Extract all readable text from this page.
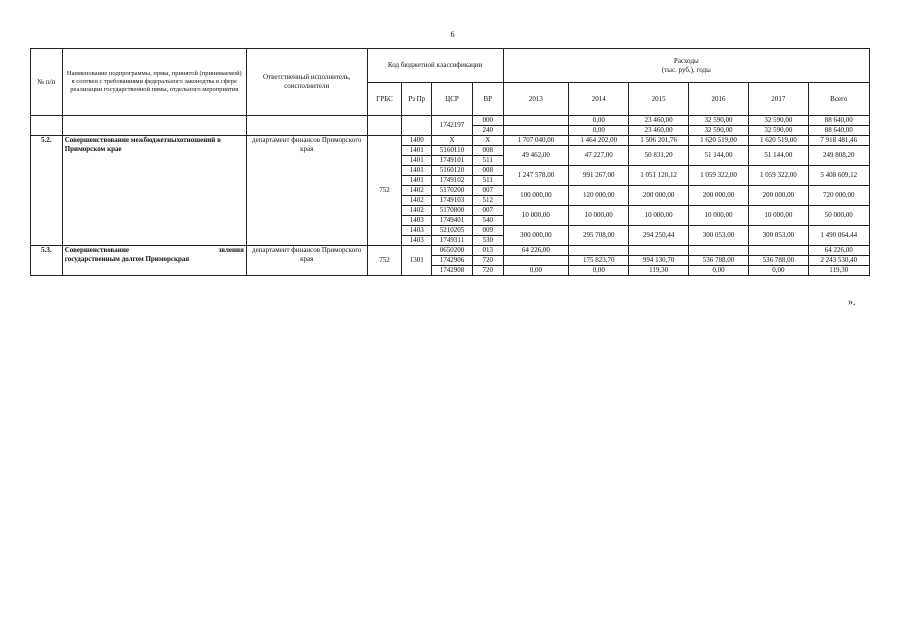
6
№ п/п	Наименование подпрограммы, прмы, принятой (принимаемой) в соотвен с требованиями федерального законодтва в сфере реализации государственной пвмы, отдельного мероприятия	Ответственный исполнитель, соисполнители	Код бюджетной классификации				Расходы
(тыс. руб.), годы					
			ГРБС	Рз Пр	ЦСР	ВР	2013	2014	2015	2016	2017	Всего
					1742197	000		0,00	23 460,00	32 590,00	32 590,00	88 640,00
						240		0,00	23 460,00	32 590,00	32 590,00	88 640,00
5.2.	Совершенствование межбюджетныхотношений в Приморском крае	департамент финансов Приморского края	752	1400	X	X	1 707 040,00	1 464 202,00	1 506 201,76	1 620 519,00	1 620 519,00	7 918 481,46
				1401	5160110	008	49 462,00	47 227,00	50 831,20	51 144,00	51 144,00	249 808,20
				1401	1749101	511						
				1401	5160120	008	1 247 578,00	991 267,00	1 051 120,12	1 059 322,00	1 059 322,00	5 408 609,12
				1401	1749102	511						
				1402	5170200	007	100 000,00	120 000,00	200 000,00	200 000,00	200 000,00	720 000,00
				1402	1749103	512						
				1402	5170800	007	10 000,00	10 000,00	10 000,00	10 000,00	10 000,00	50 000,00
				1403	1749401	540						
				1403	5210205	009	300 000,00	295 708,00	294 250,44	300 053,00	300 053,00	1 490 064,44
				1403	1749311	530						
5.3.	Совершенствование звления
государственным долгом Приморскрая	департамент финансов Приморского края	752	1301	0650200	013	64 226,00					64 226,00
					1742906	720		175 823,70	994 130,70	536 788,00	536 788,00	2 243 530,40
					1742908	720	0,00	0,00	119,30	0,00	0,00	119,30
».
